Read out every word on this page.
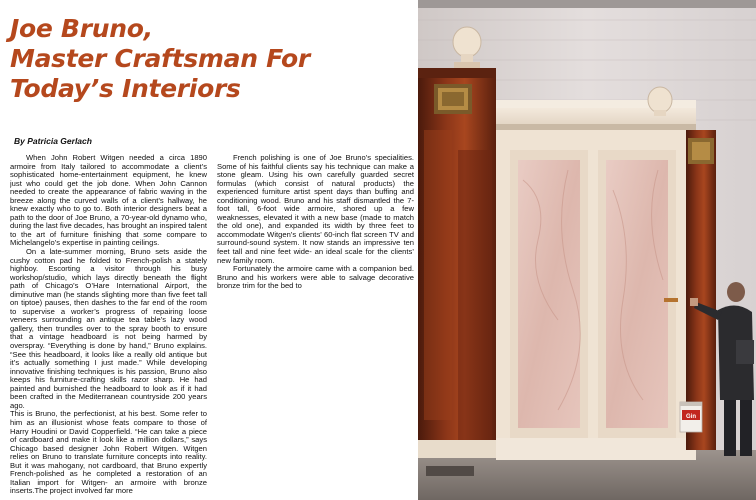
Joe Bruno,
Master Craftsman For
Today’s Interiors
By Patricia Gerlach

When John Robert Witgen needed a circa 1890 armoire from Italy tailored to accommodate a client’s sophisticated home-entertainment equipment, he knew just who could get the job done. When John Cannon needed to create the appearance of fabric waving in the breeze along the curved walls of a client’s hallway, he knew exactly who to go to. Both interior designers beat a path to the door of Joe Bruno, a 70-year-old dynamo who, during the last five decades, has brought an inspired talent to the art of furniture finishing that some compare to Michelangelo’s expertise in painting ceilings.

On a late-summer morning, Bruno sets aside the cushy cotton pad he folded to French-polish a stately highboy. Escorting a visitor through his busy workshop/studio, which lays directly beneath the flight path of Chicago’s O’Hare International Airport, the diminutive man (he stands slighting more than five feet tall on tiptoe) pauses, then dashes to the far end of the room to supervise a worker’s progress of repairing loose veneers surrounding an antique tea table’s lazy wood gallery, then trundles over to the spray booth to ensure that a vintage headboard is not being harmed by overspray. “Everything is done by hand,” Bruno explains. “See this headboard, it looks like a really old antique but it’s actually something I just made.” While developing innovative finishing techniques is his passion, Bruno also keeps his furniture-crafting skills razor sharp. He had painted and burnished the headboard to look as if it had been crafted in the Mediterranean countryside 200 years ago.

This is Bruno, the perfectionist, at his best. Some refer to him as an illusionist whose feats compare to those of Harry Houdini or David Copperfield. “He can take a piece of cardboard and make it look like a million dollars,” says Chicago based designer John Robert Witgen. Witgen relies on Bruno to translate furniture concepts into reality. But it was mahogany, not cardboard, that Bruno expertly French-polished as he completed a restoration of an Italian import for Witgen- an armoire with bronze inserts.The project involved far more

French polishing is one of Joe Bruno’s specialities. Some of his faithful clients say his technique can make a stone gleam. Using his own carefully guarded secret formulas (which consist of natural products) the experienced furniture artist spent days than buffing and conditioning wood. Bruno and his staff dismantled the 7-foot tall, 6-foot wide armoire, shored up a few weaknesses, elevated it with a new base (made to match the old one), and expanded its width by three feet to accommodate Witgen’s clients’ 60-inch flat screen TV and surround-sound system. It now stands an impressive ten feet tall and nine feet wide- an ideal scale for the clients’ new family room.

Fortunately the armoire came with a companion bed. Bruno and his workers were able to salvage decorative bronze trim for the bed to

Gin
